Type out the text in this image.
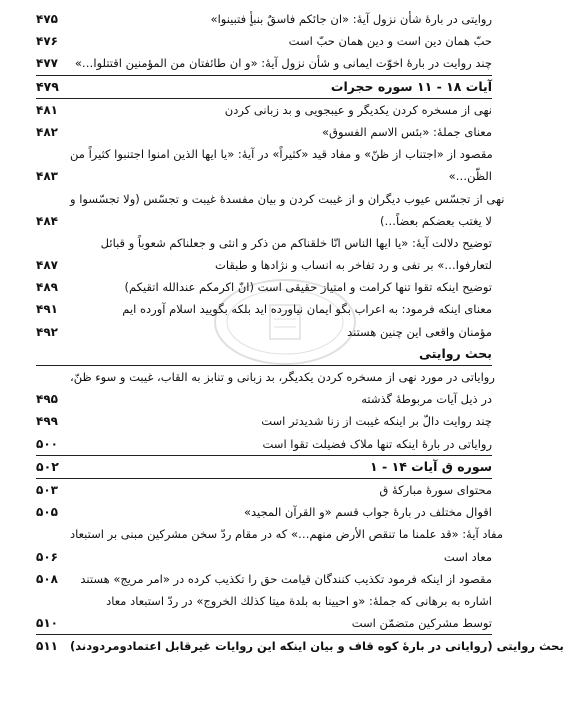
۴۷۵	روایتی در بارهٔ شأن نزول آیهٔ: «ان جائکم فاسقٌ بنبأٍ فتبینوا»
۴۷۶	حبّ همان دین است و دین همان حبّ است
۴۷۷	چند روایت در بارهٔ اخوّت ایمانی و شأن نزول آیهٔ: «و ان طائفتان من المؤمنین اقتتلوا…»
۴۷۹	آیات ۱۸ - ۱۱ سوره حجرات
۴۸۱	نهی از مسخره کردن یکدیگر و عیبجویی و بد زبانی کردن
۴۸۲	معنای جملهٔ: «بئس الاسم الفسوق»
مقصود از «اجتناب از ظنّ» و مفاد قید «کثیراً» در آیهٔ: «یا ایها الذین امنوا اجتنبوا کثیراً من
۴۸۳	الظّن…»
نهی از تجسّس عیوب دیگران و از غیبت کردن و بیان مفسدهٔ غیبت و تجسّس (ولا تجسّسوا و
۴۸۴	لا یغتب بعضکم بعضاً…)
توضیح دلالت آیهٔ: «یا ایها الناس انّا خلقناکم من ذکر و انثی و جعلناکم شعوباً و قبائل
۴۸۷	لتعارفوا…» بر نفی و رد تفاخر به انساب و نژادها و طبقات
۴۸۹	توضیح اینکه تقوا تنها کرامت و امتیاز حقیقی است (انّ اکرمکم عندالله اتقیکم)
۴۹۱	معنای اینکه فرمود: به اعراب بگو ایمان نیاورده اید بلکه بگویید اسلام آورده ایم
۴۹۲	مؤمنان واقعی این چنین هستند
بحث روایتی
روایاتی در مورد نهی از مسخره کردن یکدیگر، بد زبانی و تنابز به القاب، غیبت و سوء ظنّ،
۴۹۵	در ذیل آیات مربوطهٔ گذشته
۴۹۹	چند روایت دالّ بر اینکه غیبت از زنا شدیدتر است
۵۰۰	روایاتی در بارهٔ اینکه تنها ملاک فضیلت تقوا است
۵۰۲	سوره ق آیات ۱۴ - ۱
۵۰۳	محتوای سورهٔ مبارکهٔ ق
۵۰۵	اقوال مختلف در بارهٔ جواب قسم «و القرآن المجید»
مفاد آیهٔ: «قد علمنا ما تنقص الأرض منهم…» که در مقام ردّ سخن مشرکین مبنی بر استبعاد
۵۰۶	معاد است
۵۰۸	مقصود از اینکه فرمود تکذیب کنندگان قیامت حق را تکذیب کرده در «امر مریج» هستند
اشاره به برهانی که جملهٔ: «و احیینا به بلدة میتا کذلك الخروج» در ردّ استبعاد معاد
۵۱۰	توسط مشرکین متضمّن است
۵۱۱	بحث روایتی (روایاتی در بارهٔ کوه قاف و بیان اینکه این روایات غیرقابل اعتمادومردودند)
